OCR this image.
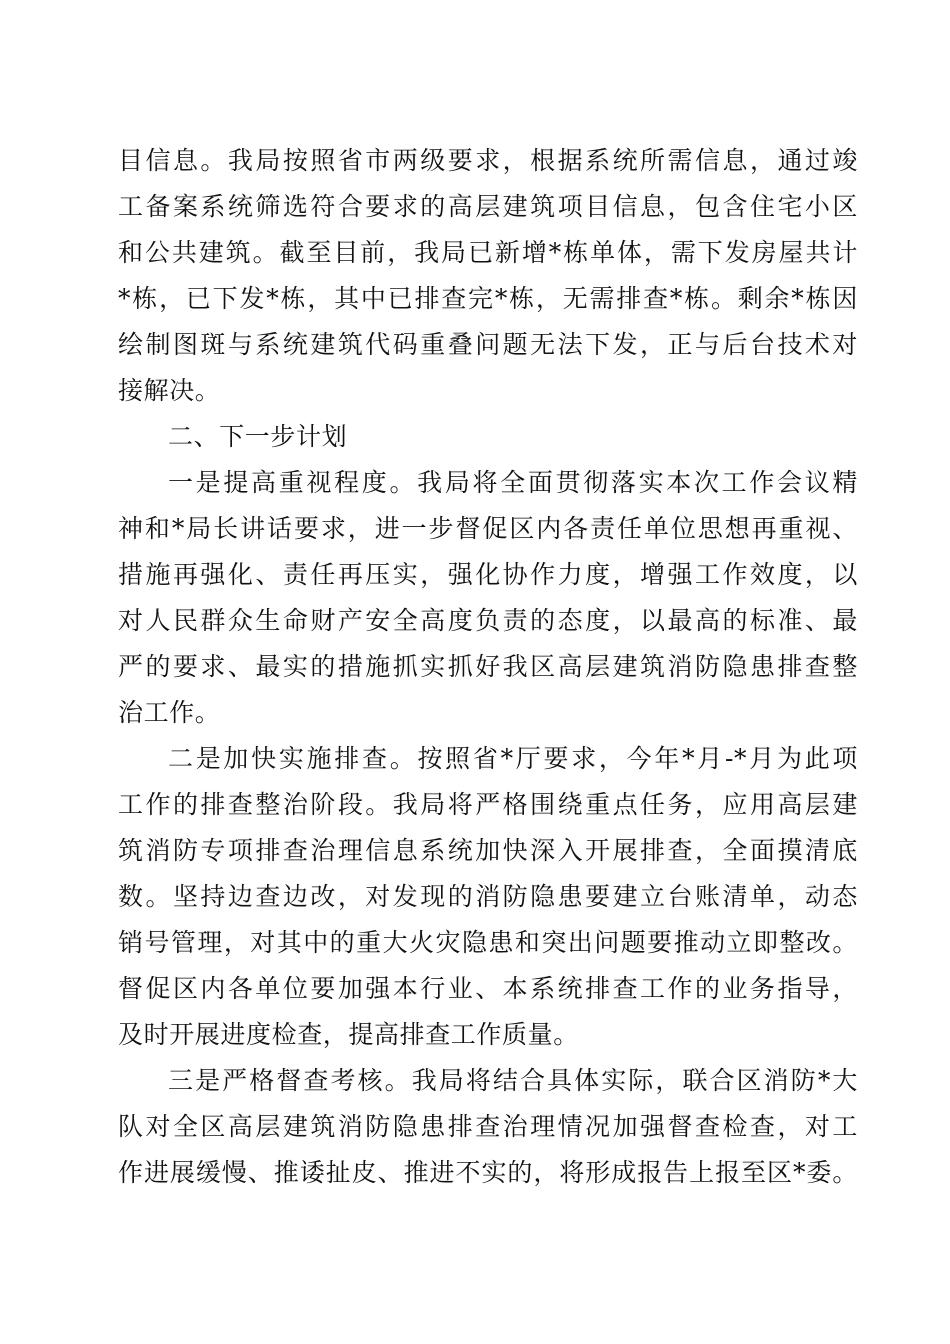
目信息。我局按照省市两级要求，根据系统所需信息，通过竣
工备案系统筛选符合要求的高层建筑项目信息，包含住宅小区
和公共建筑。截至目前，我局已新增*栋单体，需下发房屋共计
*栋，已下发*栋，其中已排查完*栋，无需排查*栋。剩余*栋因
绘制图斑与系统建筑代码重叠问题无法下发，正与后台技术对
接解决。
二、下一步计划
一是提高重视程度。我局将全面贯彻落实本次工作会议精
神和*局长讲话要求，进一步督促区内各责任单位思想再重视、
措施再强化、责任再压实，强化协作力度，增强工作效度，以
对人民群众生命财产安全高度负责的态度，以最高的标准、最
严的要求、最实的措施抓实抓好我区高层建筑消防隐患排查整
治工作。
二是加快实施排查。按照省*厅要求，今年*月-*月为此项
工作的排查整治阶段。我局将严格围绕重点任务，应用高层建
筑消防专项排查治理信息系统加快深入开展排查，全面摸清底
数。坚持边查边改，对发现的消防隐患要建立台账清单，动态
销号管理，对其中的重大火灾隐患和突出问题要推动立即整改。
督促区内各单位要加强本行业、本系统排查工作的业务指导，
及时开展进度检查，提高排查工作质量。
三是严格督查考核。我局将结合具体实际，联合区消防*大
队对全区高层建筑消防隐患排查治理情况加强督查检查，对工
作进展缓慢、推诿扯皮、推进不实的，将形成报告上报至区*委。
